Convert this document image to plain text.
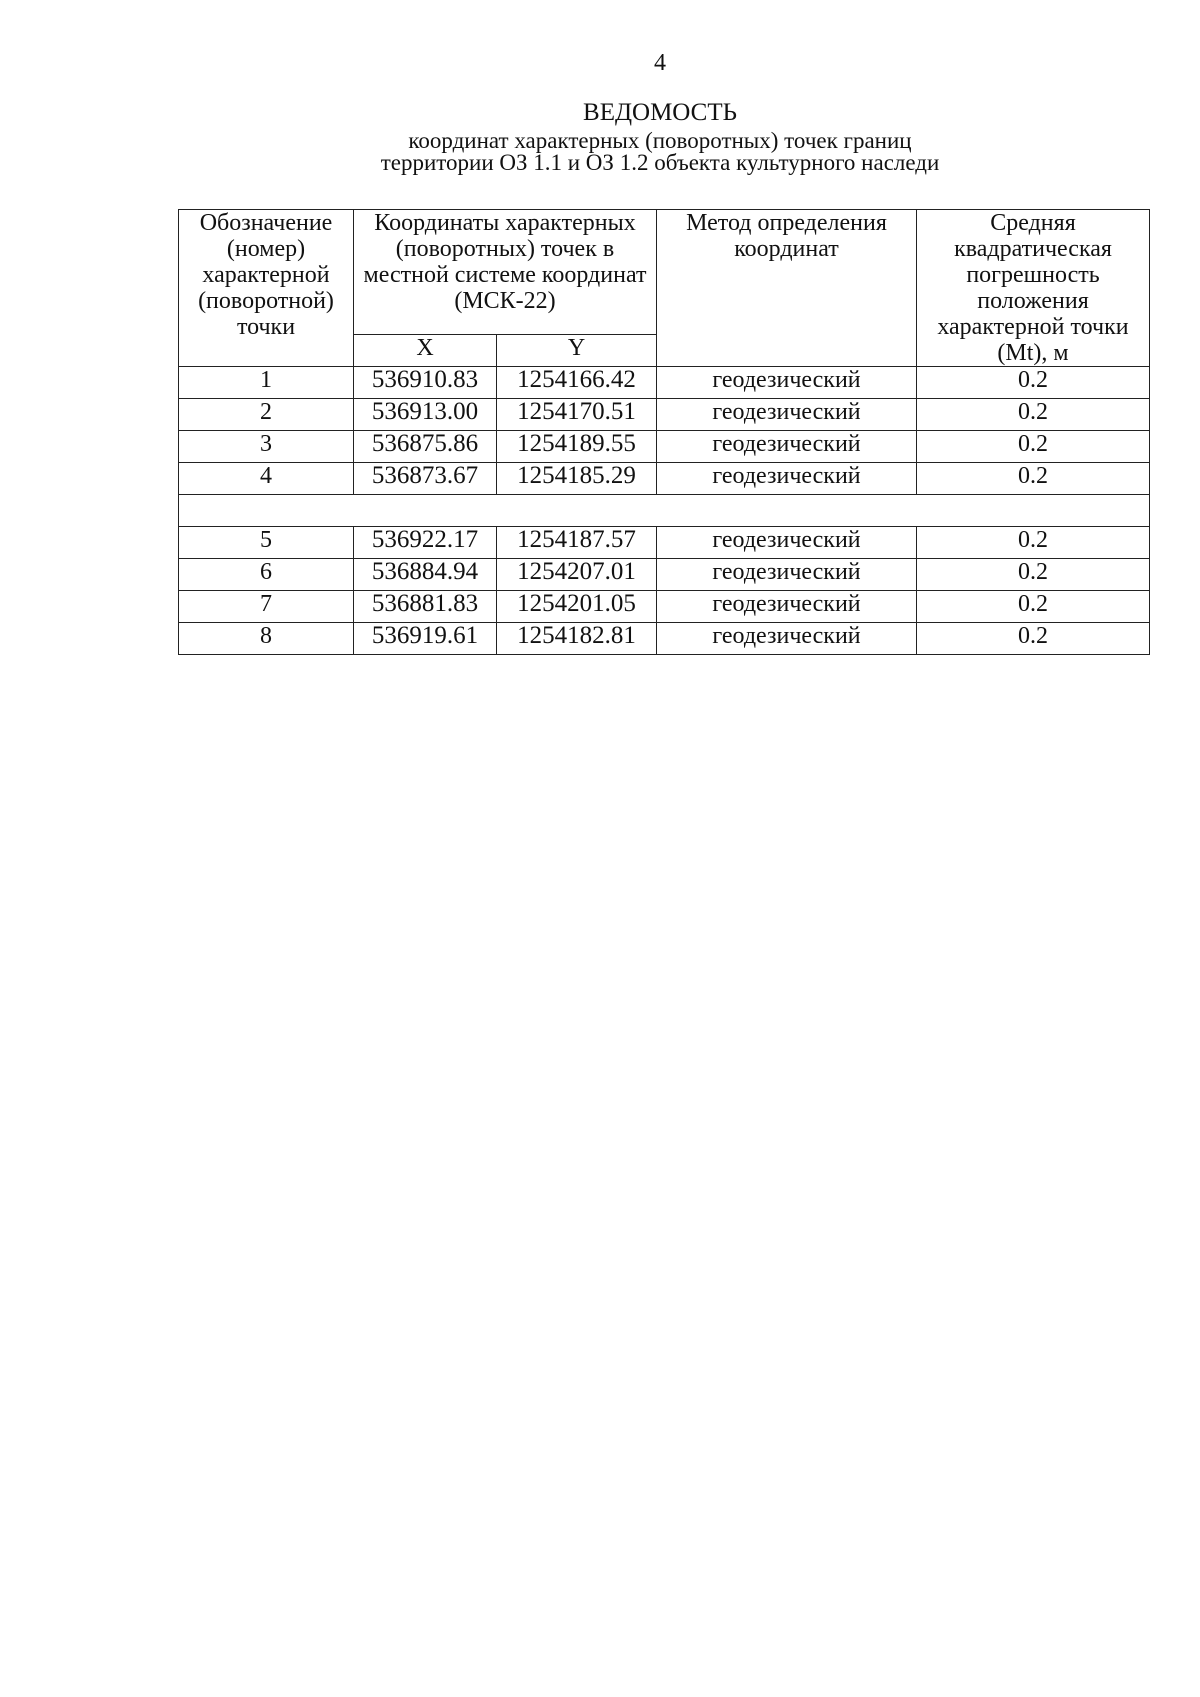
4
ВЕДОМОСТЬ
координат характерных (поворотных) точек границ
территории ОЗ 1.1 и ОЗ 1.2 объекта культурного наследи
Обозначение (номер) характерной (поворотной) точки	Координаты характерных (поворотных) точек в местной системе координат (МСК-22)		Метод определения координат	Средняя квадратическая погрешность положения характерной точки (Mt), м
	X	Y		
1	536910.83	1254166.42	геодезический	0.2
2	536913.00	1254170.51	геодезический	0.2
3	536875.86	1254189.55	геодезический	0.2
4	536873.67	1254185.29	геодезический	0.2

5	536922.17	1254187.57	геодезический	0.2
6	536884.94	1254207.01	геодезический	0.2
7	536881.83	1254201.05	геодезический	0.2
8	536919.61	1254182.81	геодезический	0.2
